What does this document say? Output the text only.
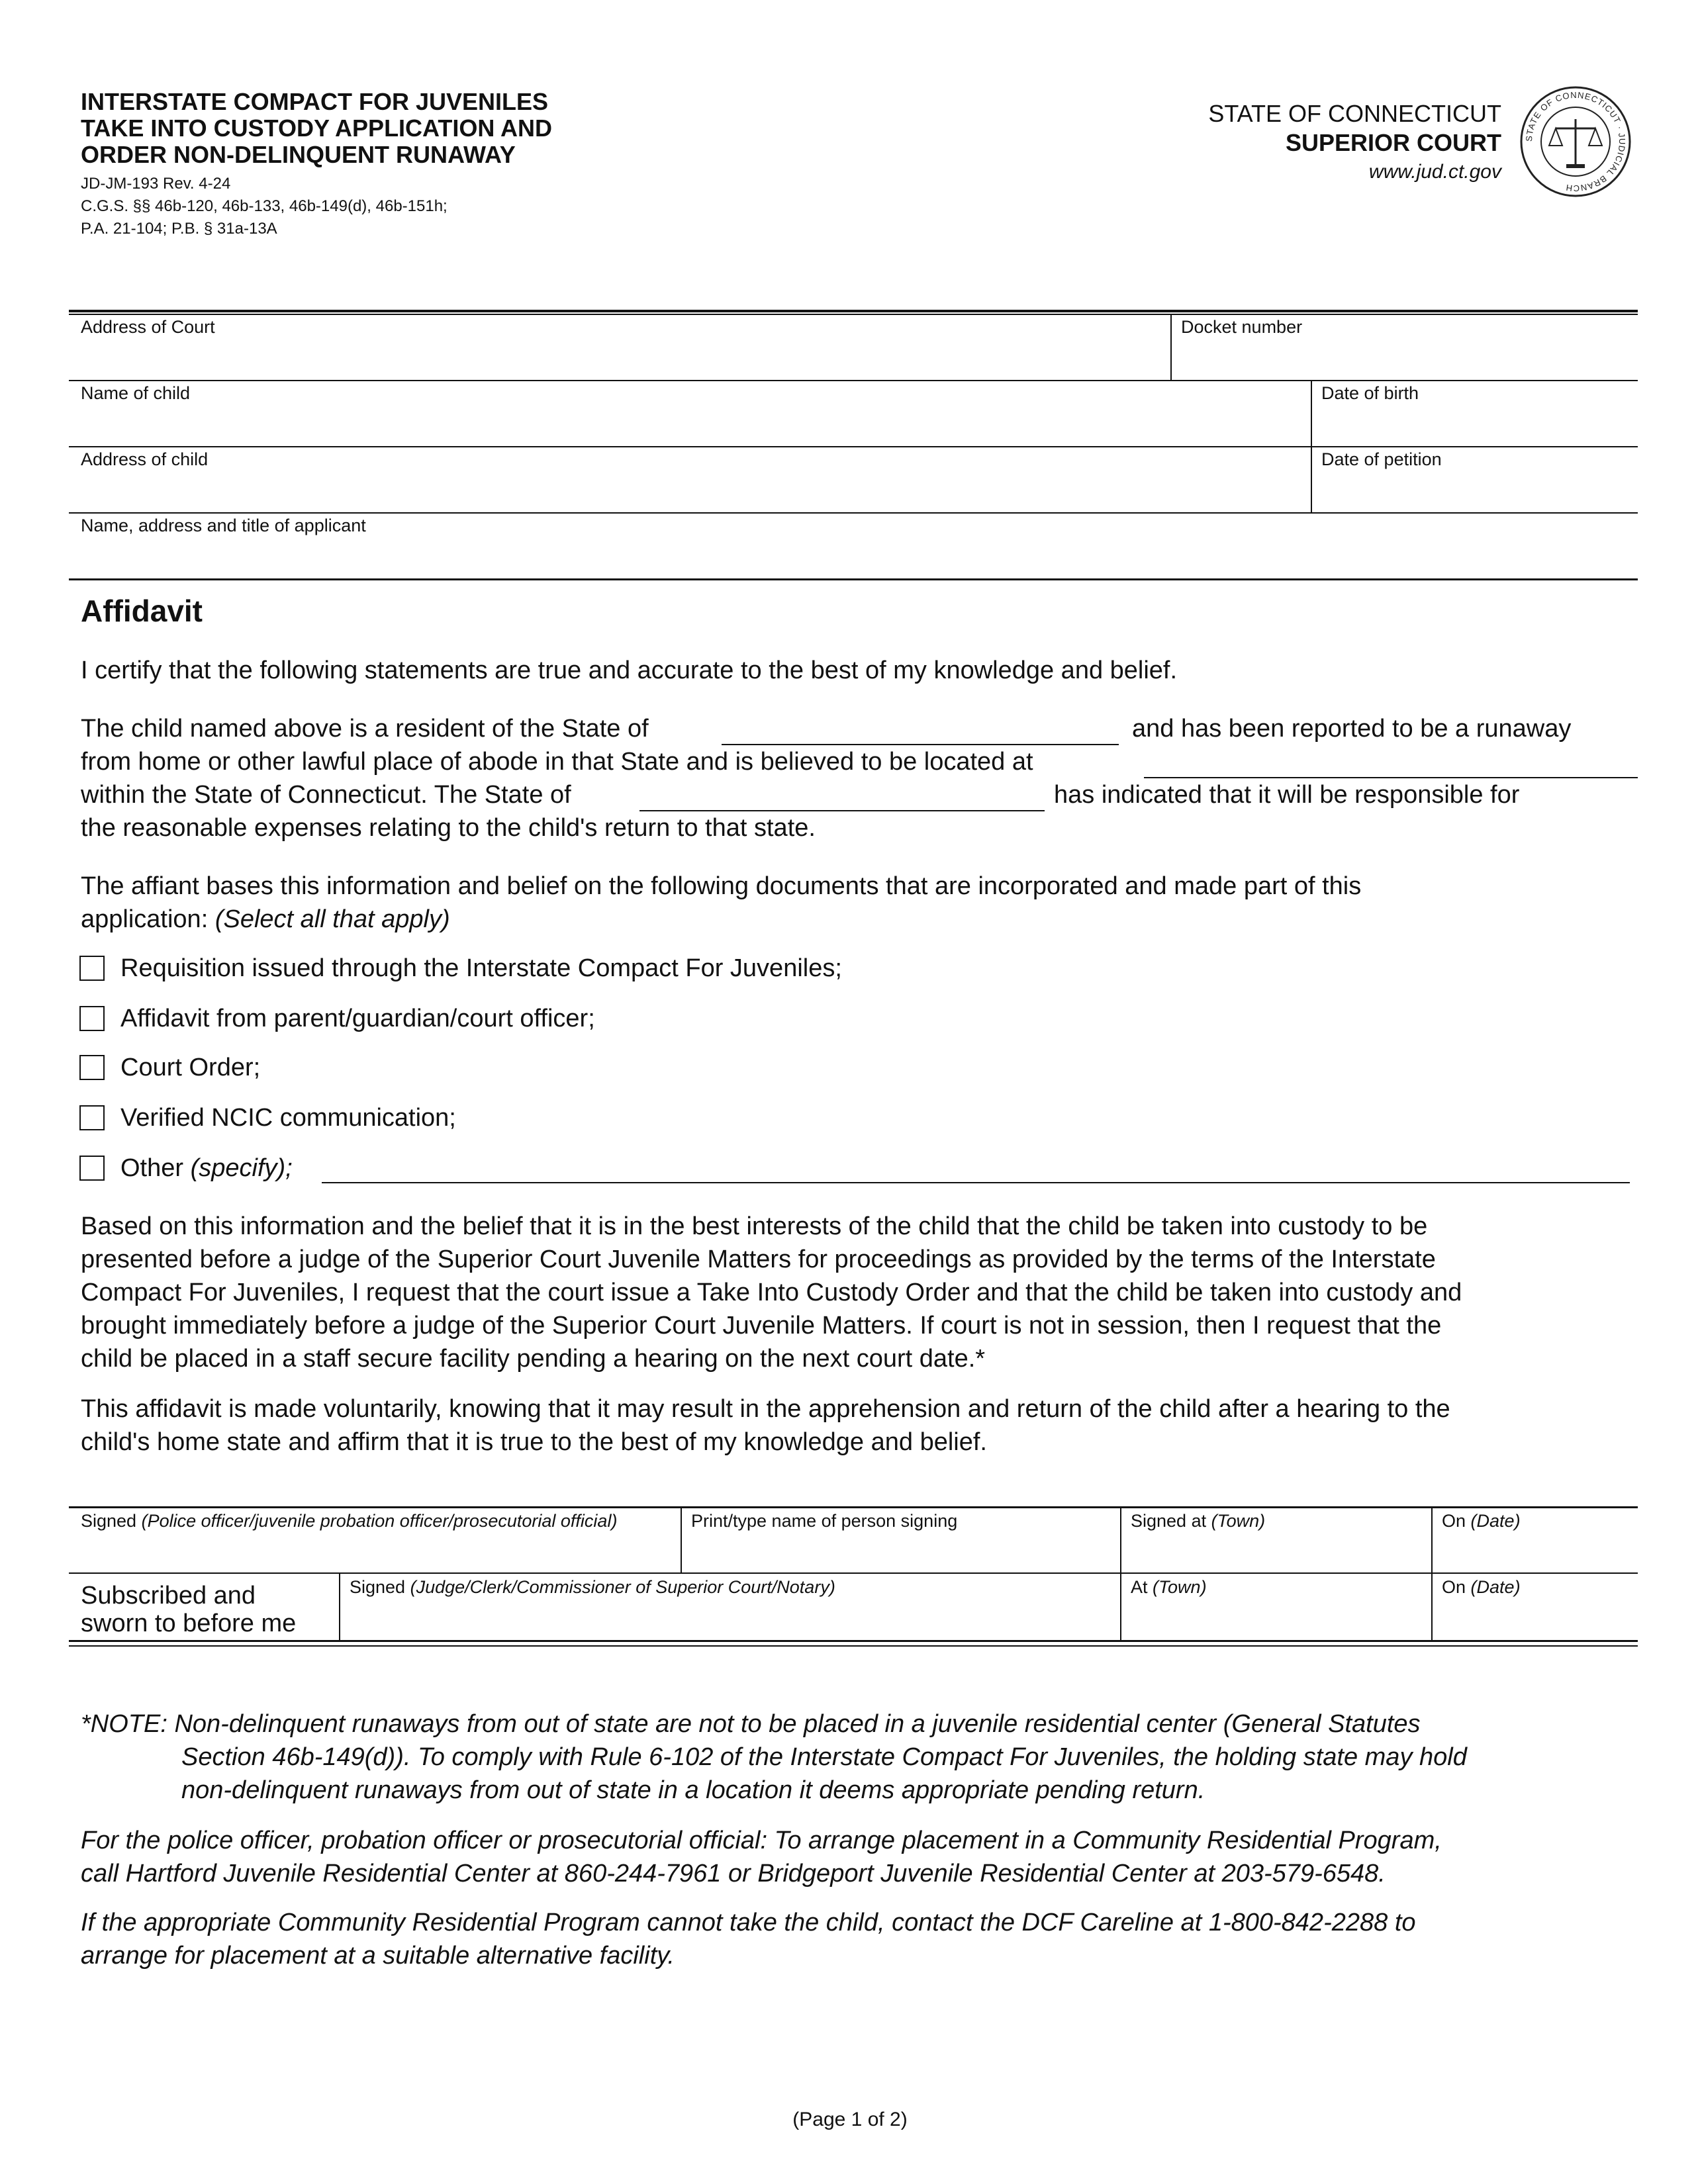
INTERSTATE COMPACT FOR JUVENILES
TAKE INTO CUSTODY APPLICATION AND
ORDER NON-DELINQUENT RUNAWAY
JD-JM-193 Rev. 4-24
C.G.S. §§ 46b-120, 46b-133, 46b-149(d), 46b-151h;
P.A. 21-104; P.B. § 31a-13A
STATE OF CONNECTICUT
SUPERIOR COURT
www.jud.ct.gov
STATE OF CONNECTICUT · JUDICIAL BRANCH
Address of Court	Docket number
Name of child	Date of birth
Address of child	Date of petition
Name, address and title of applicant
Affidavit
I certify that the following statements are true and accurate to the best of my knowledge and belief.
The child named above is a resident of the State of	and has been reported to be a runaway
from home or other lawful place of abode in that State and is believed to be located at
within the State of Connecticut. The State of	has indicated that it will be responsible for
the reasonable expenses relating to the child's return to that state.
The affiant bases this information and belief on the following documents that are incorporated and made part of this
application: (Select all that apply)
Requisition issued through the Interstate Compact For Juveniles;
Affidavit from parent/guardian/court officer;
Court Order;
Verified NCIC communication;
Other
(specify);
Based on this information and the belief that it is in the best interests of the child that the child be taken into custody to be
presented before a judge of the Superior Court Juvenile Matters for proceedings as provided by the terms of the Interstate
Compact For Juveniles, I request that the court issue a Take Into Custody Order and that the child be taken into custody and
brought immediately before a judge of the Superior Court Juvenile Matters. If court is not in session, then I request that the
child be placed in a staff secure facility pending a hearing on the next court date.*
This affidavit is made voluntarily, knowing that it may result in the apprehension and return of the child after a hearing to the
child's home state and affirm that it is true to the best of my knowledge and belief.
Signed (Police officer/juvenile probation officer/prosecutorial official)	Print/type name of person signing	Signed at (Town)	On (Date)
Subscribed and
sworn to before me
Signed (Judge/Clerk/Commissioner of Superior Court/Notary)	At (Town)	On (Date)
*NOTE: Non-delinquent runaways from out of state are not to be placed in a juvenile residential center (General Statutes
Section 46b-149(d)). To comply with Rule 6-102 of the Interstate Compact For Juveniles, the holding state may hold
non-delinquent runaways from out of state in a location it deems appropriate pending return.
For the police officer, probation officer or prosecutorial official: To arrange placement in a Community Residential Program,
call Hartford Juvenile Residential Center at 860-244-7961 or Bridgeport Juvenile Residential Center at 203-579-6548.
If the appropriate Community Residential Program cannot take the child, contact the DCF Careline at 1-800-842-2288 to
arrange for placement at a suitable alternative facility.
(Page 1 of 2)
